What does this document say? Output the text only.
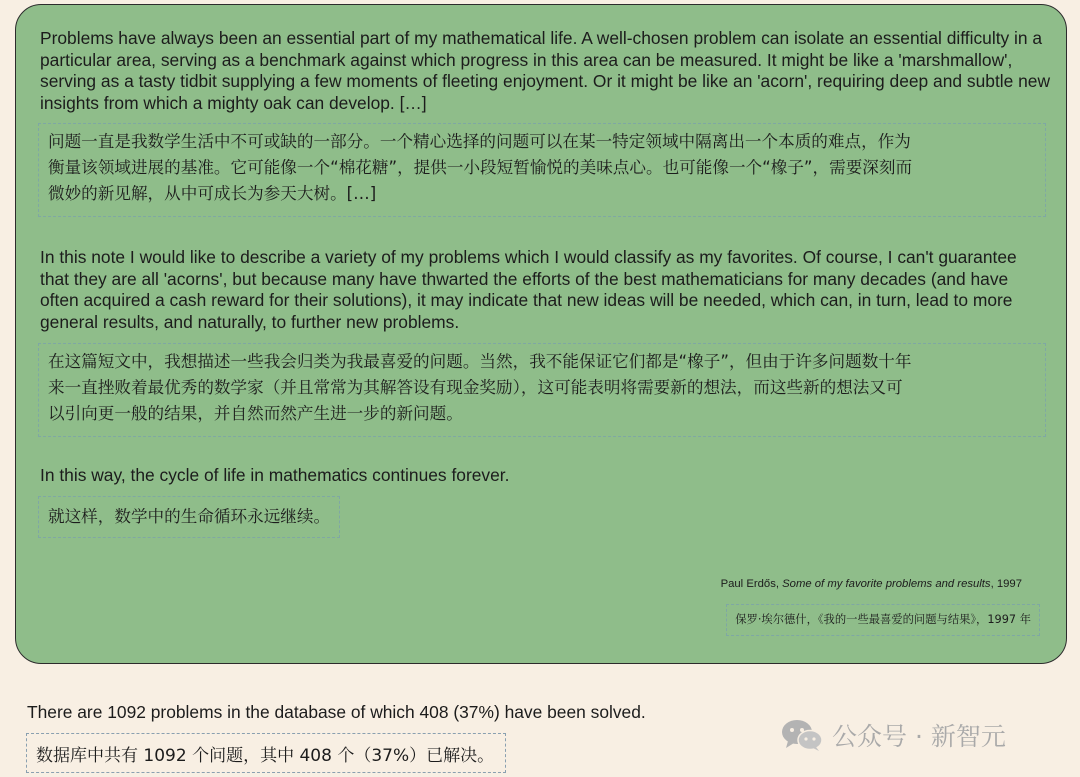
Problems have always been an essential part of my mathematical life. A well-chosen problem can isolate an essential difficulty in a particular area, serving as a benchmark against which progress in this area can be measured. It might be like a 'marshmallow', serving as a tasty tidbit supplying a few moments of fleeting enjoyment. Or it might be like an 'acorn', requiring deep and subtle new insights from which a mighty oak can develop. […]
问题一直是我数学生活中不可或缺的一部分。一个精心选择的问题可以在某一特定领域中隔离出一个本质的难点，作为
衡量该领域进展的基准。它可能像一个“棉花糖”，提供一小段短暂愉悦的美味点心。也可能像一个“橡子”，需要深刻而
微妙的新见解，从中可成长为参天大树。[…]
In this note I would like to describe a variety of my problems which I would classify as my favorites. Of course, I can't guarantee that they are all 'acorns', but because many have thwarted the efforts of the best mathematicians for many decades (and have often acquired a cash reward for their solutions), it may indicate that new ideas will be needed, which can, in turn, lead to more general results, and naturally, to further new problems.
在这篇短文中，我想描述一些我会归类为我最喜爱的问题。当然，我不能保证它们都是“橡子”，但由于许多问题数十年
来一直挫败着最优秀的数学家（并且常常为其解答设有现金奖励），这可能表明将需要新的想法，而这些新的想法又可
以引向更一般的结果，并自然而然产生进一步的新问题。
In this way, the cycle of life in mathematics continues forever.
就这样，数学中的生命循环永远继续。
Paul Erdős, Some of my favorite problems and results, 1997
保罗·埃尔德什，《我的一些最喜爱的问题与结果》，1997 年
There are 1092 problems in the database of which 408 (37%) have been solved.
数据库中共有 1092 个问题，其中 408 个（37%）已解决。
公众号 · 新智元
